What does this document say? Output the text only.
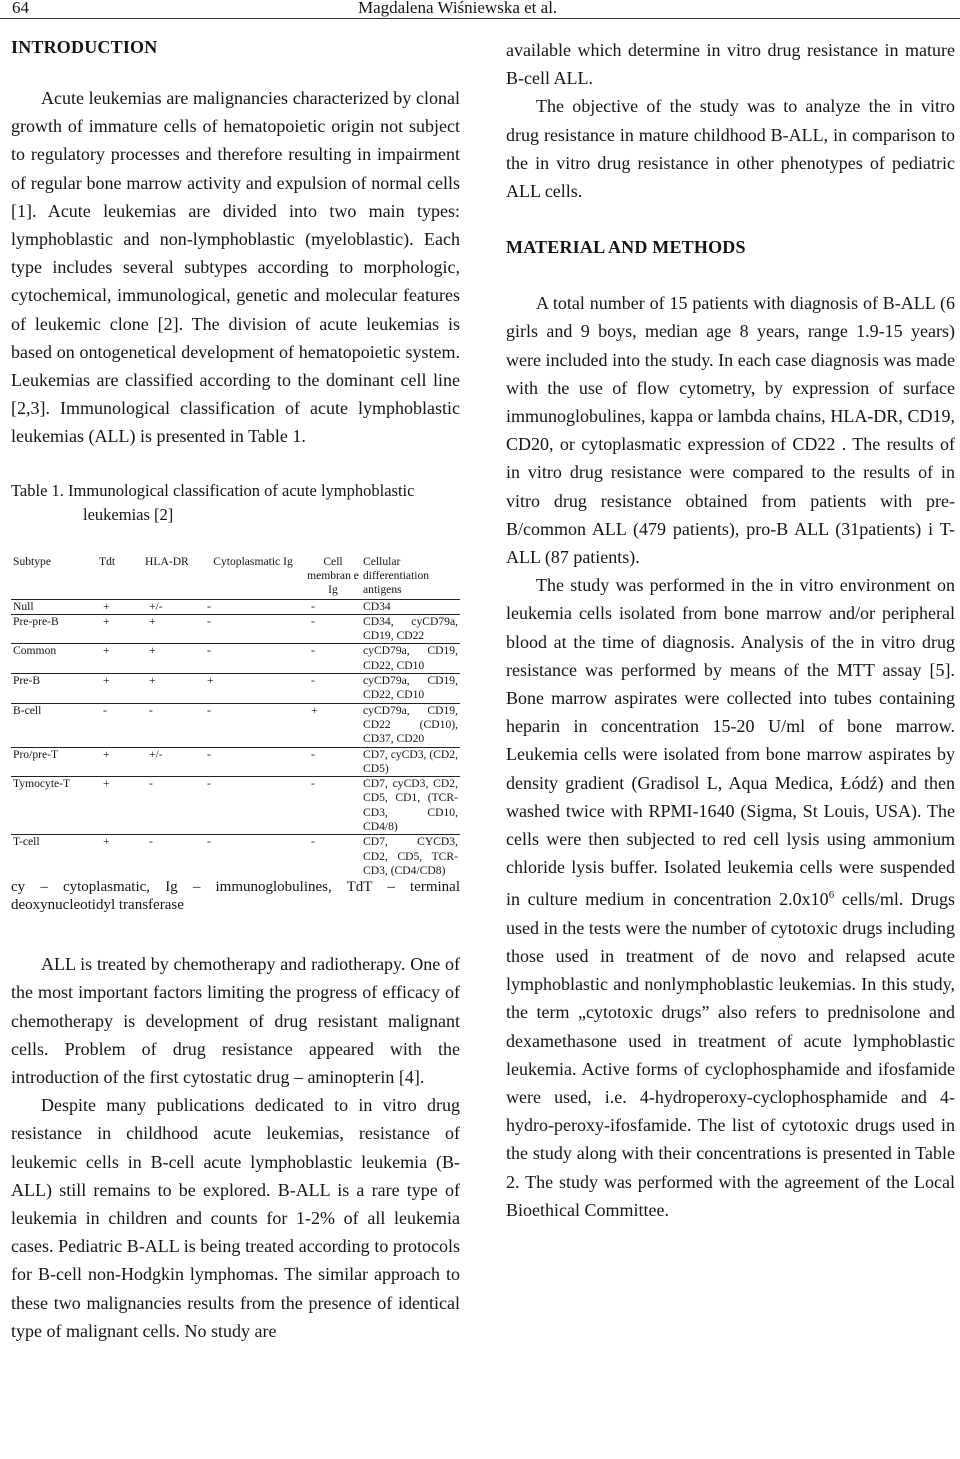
64	Magdalena Wiśniewska et al.
INTRODUCTION

Acute leukemias are malignancies characterized by clonal growth of immature cells of hematopoietic origin not subject to regulatory processes and therefore resulting in impairment of regular bone marrow activity and expulsion of normal cells [1]. Acute leukemias are divided into two main types: lymphoblastic and non-lymphoblastic (myeloblastic). Each type includes several subtypes according to morphologic, cytochemical, immunological, genetic and molecular features of leukemic clone [2]. The division of acute leukemias is based on ontogenetical development of hematopoietic system. Leukemias are classified according to the dominant cell line [2,3]. Immunological classification of acute lymphoblastic leukemias (ALL) is presented in Table 1.

Table 1. Immunological classification of acute lymphoblastic
leukemias [2]

Subtype	Tdt	HLA-DR	Cytoplasmatic Ig	Cell membran e Ig	Cellular differentiation antigens
Null	+	+/-	-	-	CD34
Pre-pre-B	+	+	-	-	CD34, cyCD79a, CD19, CD22
Common	+	+	-	-	cyCD79a, CD19, CD22, CD10
Pre-B	+	+	+	-	cyCD79a, CD19, CD22, CD10
B-cell	-	-	-	+	cyCD79a, CD19, CD22 (CD10), CD37, CD20
Pro/pre-T	+	+/-	-	-	CD7, cyCD3, (CD2, CD5)
Tymocyte-T	+	-	-	-	CD7, cyCD3, CD2, CD5, CD1, (TCR-CD3, CD10, CD4/8)
T-cell	+	-	-	-	CD7, CYCD3, CD2, CD5, TCR-CD3, (CD4/CD8)

cy – cytoplasmatic, Ig – immunoglobulines, TdT – terminal deoxynucleotidyl transferase

ALL is treated by chemotherapy and radiotherapy. One of the most important factors limiting the progress of efficacy of chemotherapy is development of drug resistant malignant cells. Problem of drug resistance appeared with the introduction of the first cytostatic drug – aminopterin [4].

Despite many publications dedicated to in vitro drug resistance in childhood acute leukemias, resistance of leukemic cells in B-cell acute lymphoblastic leukemia (B-ALL) still remains to be explored. B-ALL is a rare type of leukemia in children and counts for 1-2% of all leukemia cases. Pediatric B-ALL is being treated according to protocols for B-cell non-Hodgkin lymphomas. The similar approach to these two malignancies results from the presence of identical type of malignant cells. No study are

available which determine in vitro drug resistance in mature B-cell ALL.

The objective of the study was to analyze the in vitro drug resistance in mature childhood B-ALL, in comparison to the in vitro drug resistance in other phenotypes of pediatric ALL cells.

MATERIAL AND METHODS

A total number of 15 patients with diagnosis of B-ALL (6 girls and 9 boys, median age 8 years, range 1.9-15 years) were included into the study. In each case diagnosis was made with the use of flow cytometry, by expression of surface immunoglobulines, kappa or lambda chains, HLA-DR, CD19, CD20, or cytoplasmatic expression of CD22 . The results of in vitro drug resistance were compared to the results of in vitro drug resistance obtained from patients with pre-B/common ALL (479 patients), pro-B ALL (31patients) i T-ALL (87 patients).

The study was performed in the in vitro environment on leukemia cells isolated from bone marrow and/or peripheral blood at the time of diagnosis. Analysis of the in vitro drug resistance was performed by means of the MTT assay [5]. Bone marrow aspirates were collected into tubes containing heparin in concentration 15-20 U/ml of bone marrow. Leukemia cells were isolated from bone marrow aspirates by density gradient (Gradisol L, Aqua Medica, Łódź) and then washed twice with RPMI-1640 (Sigma, St Louis, USA). The cells were then subjected to red cell lysis using ammonium chloride lysis buffer. Isolated leukemia cells were suspended in culture medium in concentration $2.0x10^6$ cells/ml. Drugs used in the tests were the number of cytotoxic drugs including those used in treatment of de novo and relapsed acute lymphoblastic and nonlymphoblastic leukemias. In this study, the term „cytotoxic drugs” also refers to prednisolone and dexamethasone used in treatment of acute lymphoblastic leukemia. Active forms of cyclophosphamide and ifosfamide were used, i.e. 4-hydroperoxy-cyclophosphamide and 4-hydro-peroxy-ifosfamide. The list of cytotoxic drugs used in the study along with their concentrations is presented in Table 2. The study was performed with the agreement of the Local Bioethical Committee.
